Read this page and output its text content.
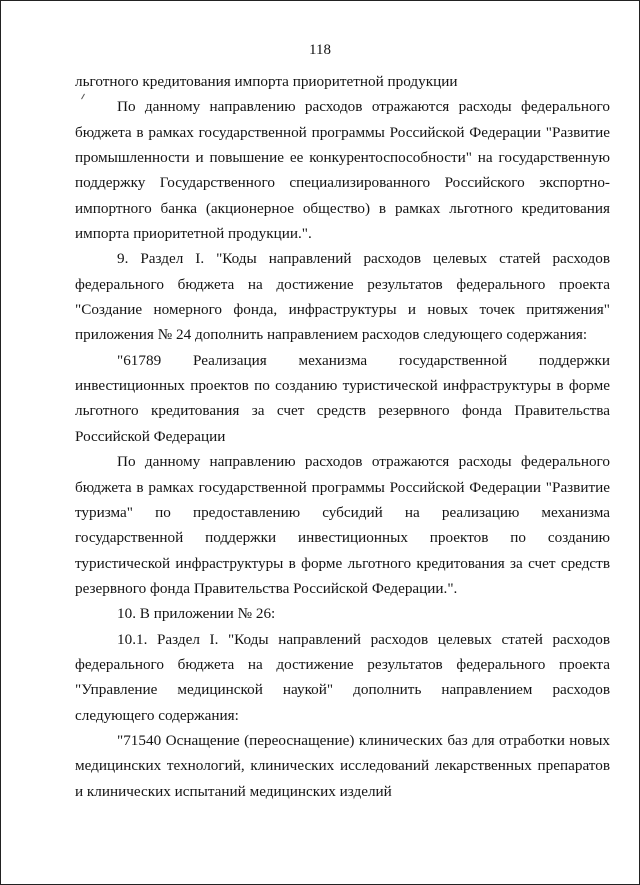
118

льготного кредитования импорта приоритетной продукции

По данному направлению расходов отражаются расходы федерального бюджета в рамках государственной программы Российской Федерации "Развитие промышленности и повышение ее конкурентоспособности" на государственную поддержку Государственного специализированного Российского экспортно-импортного банка (акционерное общество) в рамках льготного кредитования импорта приоритетной продукции.".

9. Раздел I. "Коды направлений расходов целевых статей расходов федерального бюджета на достижение результатов федерального проекта "Создание номерного фонда, инфраструктуры и новых точек притяжения" приложения № 24 дополнить направлением расходов следующего содержания:

"61789 Реализация механизма государственной поддержки инвестиционных проектов по созданию туристической инфраструктуры в форме льготного кредитования за счет средств резервного фонда Правительства Российской Федерации

По данному направлению расходов отражаются расходы федерального бюджета в рамках государственной программы Российской Федерации "Развитие туризма" по предоставлению субсидий на реализацию механизма государственной поддержки инвестиционных проектов по созданию туристической инфраструктуры в форме льготного кредитования за счет средств резервного фонда Правительства Российской Федерации.".

10. В приложении № 26:

10.1. Раздел I. "Коды направлений расходов целевых статей расходов федерального бюджета на достижение результатов федерального проекта "Управление медицинской наукой" дополнить направлением расходов следующего содержания:

"71540 Оснащение (переоснащение) клинических баз для отработки новых медицинских технологий, клинических исследований лекарственных препаратов и клинических испытаний медицинских изделий
